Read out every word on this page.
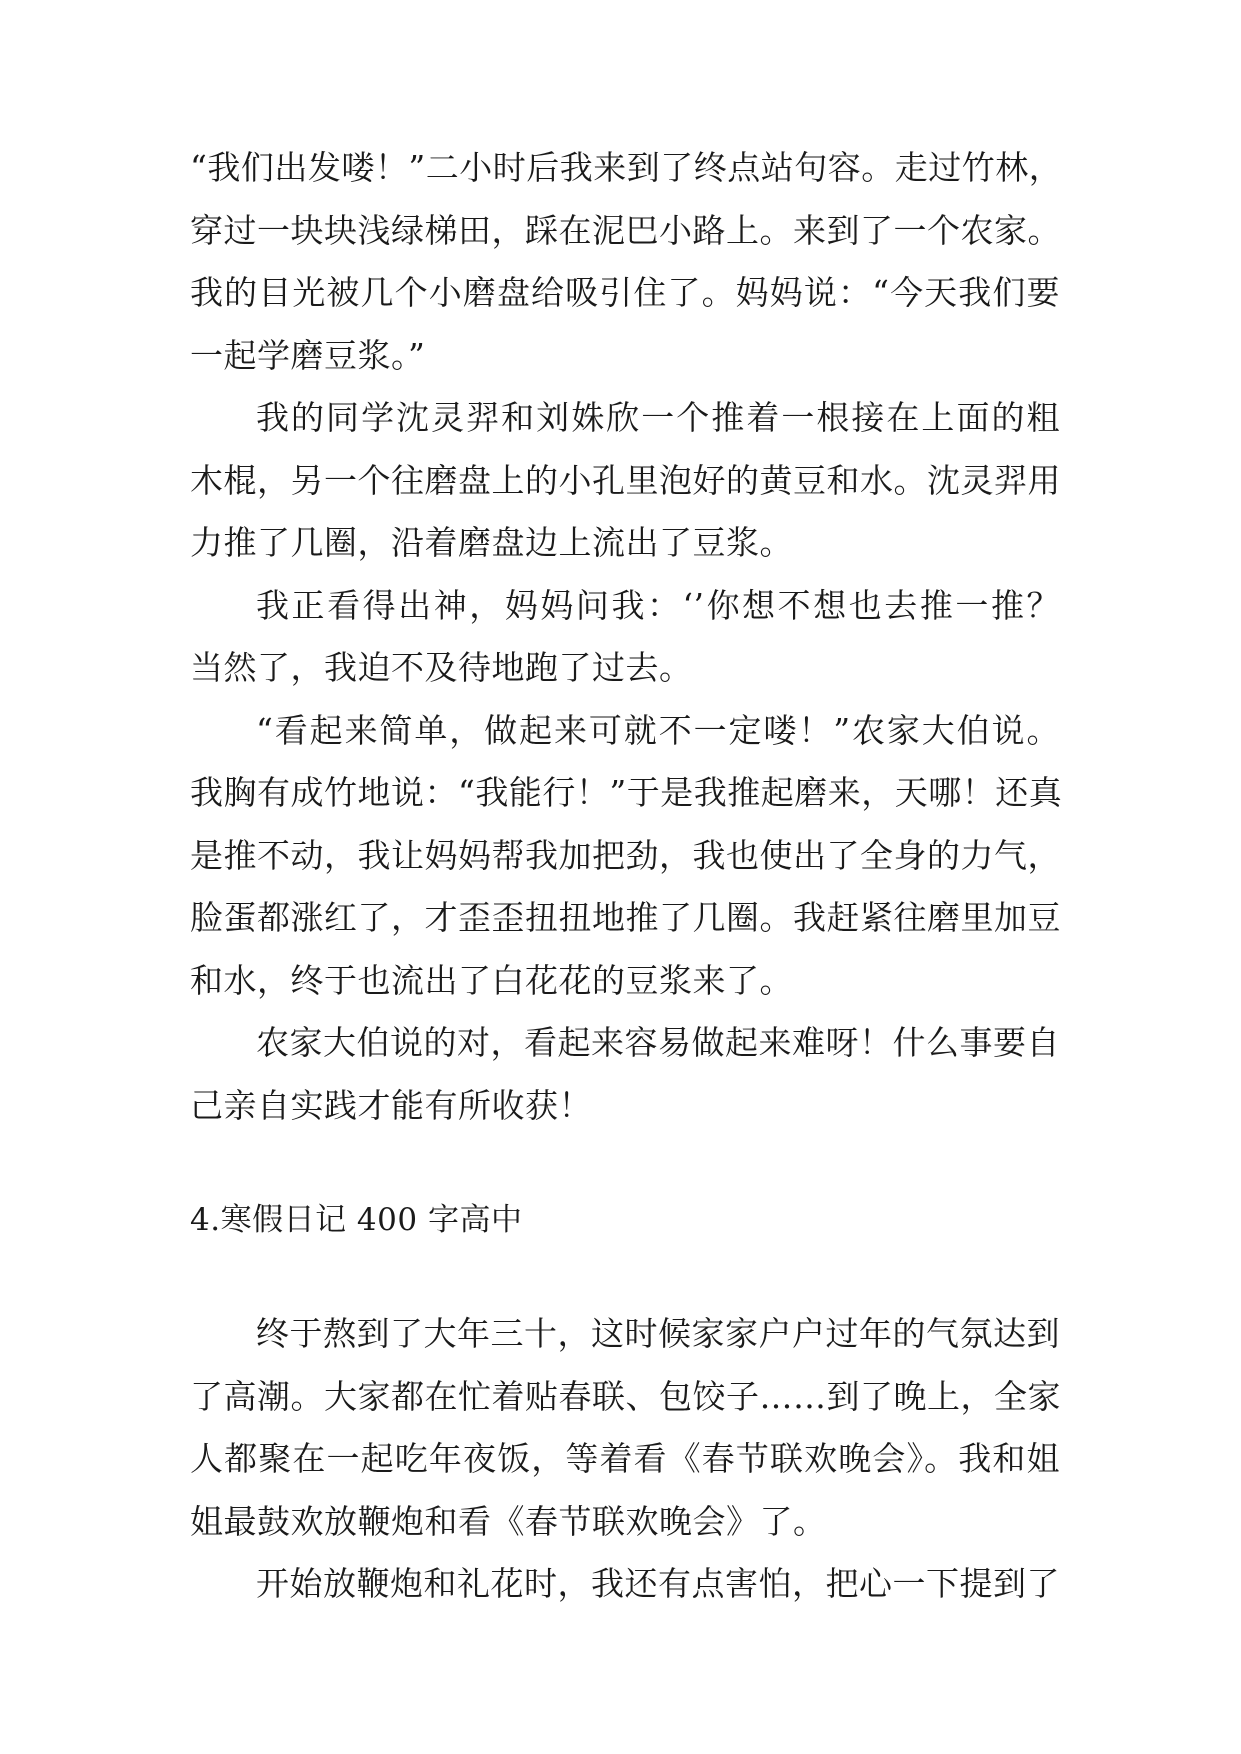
“我们出发喽！”二小时后我来到了终点站句容。走过竹林，
穿过一块块浅绿梯田，踩在泥巴小路上。来到了一个农家。
我的目光被几个小磨盘给吸引住了。妈妈说：“今天我们要
一起学磨豆浆。”
我的同学沈灵羿和刘姝欣一个推着一根接在上面的粗
木棍，另一个往磨盘上的小孔里泡好的黄豆和水。沈灵羿用
力推了几圈，沿着磨盘边上流出了豆浆。
我正看得出神，妈妈问我：‘’你想不想也去推一推？
当然了，我迫不及待地跑了过去。
“看起来简单，做起来可就不一定喽！”农家大伯说。
我胸有成竹地说：“我能行！”于是我推起磨来，天哪！还真
是推不动，我让妈妈帮我加把劲，我也使出了全身的力气，
脸蛋都涨红了，才歪歪扭扭地推了几圈。我赶紧往磨里加豆
和水，终于也流出了白花花的豆浆来了。
农家大伯说的对，看起来容易做起来难呀！什么事要自
己亲自实践才能有所收获！
4.寒假日记 400 字高中
终于熬到了大年三十，这时候家家户户过年的气氛达到
了高潮。大家都在忙着贴春联、包饺子……到了晚上，全家
人都聚在一起吃年夜饭，等着看《春节联欢晚会》。我和姐
姐最鼓欢放鞭炮和看《春节联欢晚会》了。
开始放鞭炮和礼花时，我还有点害怕，把心一下提到了
